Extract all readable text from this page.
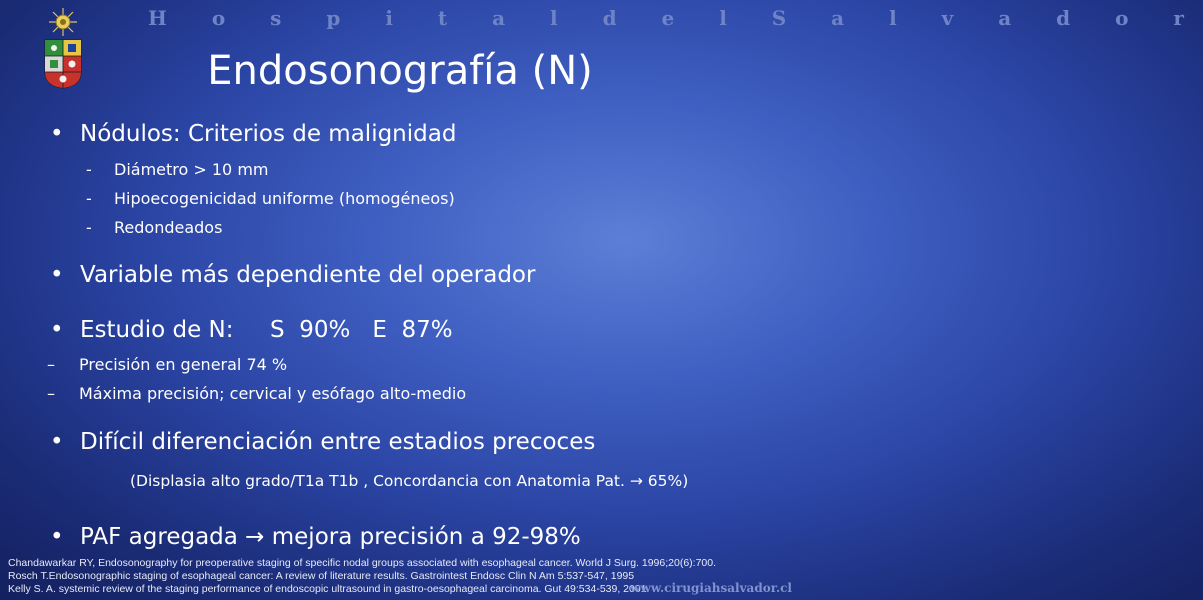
H o s p i t a l d e l S a l v a d o r
Endosonografía (N)
• Nódulos: Criterios de malignidad
- Diámetro > 10 mm
- Hipoecogenicidad uniforme (homogéneos)
- Redondeados
• Variable más dependiente del operador
• Estudio de N:     S  90%   E  87%
– Precisión en general 74 %
– Máxima precisión; cervical y esófago alto-medio
• Difícil diferenciación entre estadios precoces
(Displasia alto grado/T1a T1b , Concordancia con Anatomia Pat. → 65%)
• PAF agregada → mejora precisión a 92-98%
Chandawarkar RY, Endosonography for preoperative staging of specific nodal groups associated with esophageal cancer. World J Surg. 1996;20(6):700.
Rosch T.Endosonographic staging of esophageal cancer: A review of literature results. Gastrointest Endosc Clin N Am 5:537-547, 1995
Kelly S. A. systemic review of the staging performance of endoscopic ultrasound in gastro-oesophageal carcinoma. Gut 49:534-539, 2001.
www.cirugiahsalvador.cl
